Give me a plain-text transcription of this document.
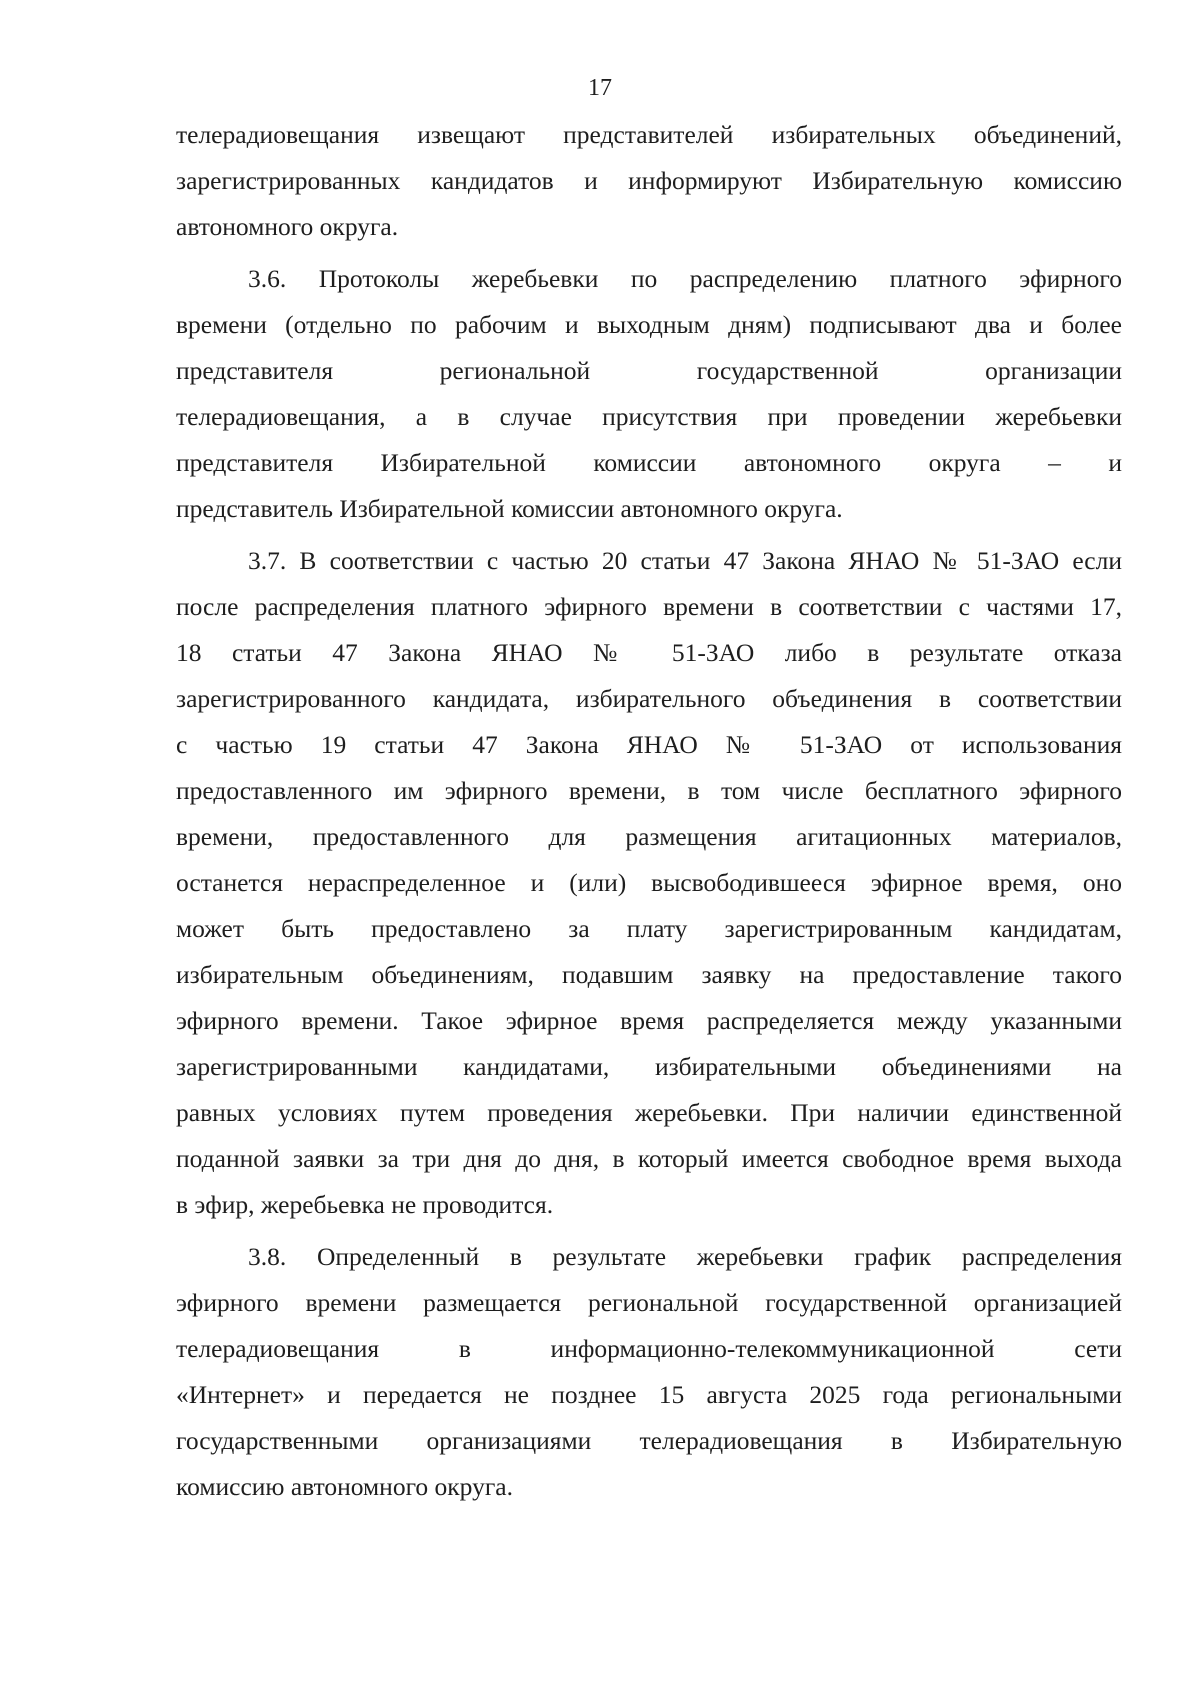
17
телерадиовещания извещают представителей избирательных объединений,
зарегистрированных кандидатов и информируют Избирательную комиссию
автономного округа.
3.6. Протоколы жеребьевки по распределению платного эфирного
времени (отдельно по рабочим и выходным дням) подписывают два и более
представителя региональной государственной организации
телерадиовещания, а в случае присутствия при проведении жеребьевки
представителя Избирательной комиссии автономного округа – и
представитель Избирательной комиссии автономного округа.
3.7. В соответствии с частью 20 статьи 47 Закона ЯНАО № 51-ЗАО если
после распределения платного эфирного времени в соответствии с частями 17,
18 статьи 47 Закона ЯНАО № 51-ЗАО либо в результате отказа
зарегистрированного кандидата, избирательного объединения в соответствии
с частью 19 статьи 47 Закона ЯНАО № 51-ЗАО от использования
предоставленного им эфирного времени, в том числе бесплатного эфирного
времени, предоставленного для размещения агитационных материалов,
останется нераспределенное и (или) высвободившееся эфирное время, оно
может быть предоставлено за плату зарегистрированным кандидатам,
избирательным объединениям, подавшим заявку на предоставление такого
эфирного времени. Такое эфирное время распределяется между указанными
зарегистрированными кандидатами, избирательными объединениями на
равных условиях путем проведения жеребьевки. При наличии единственной
поданной заявки за три дня до дня, в который имеется свободное время выхода
в эфир, жеребьевка не проводится.
3.8. Определенный в результате жеребьевки график распределения
эфирного времени размещается региональной государственной организацией
телерадиовещания в информационно-телекоммуникационной сети
«Интернет» и передается не позднее 15 августа 2025 года региональными
государственными организациями телерадиовещания в Избирательную
комиссию автономного округа.
